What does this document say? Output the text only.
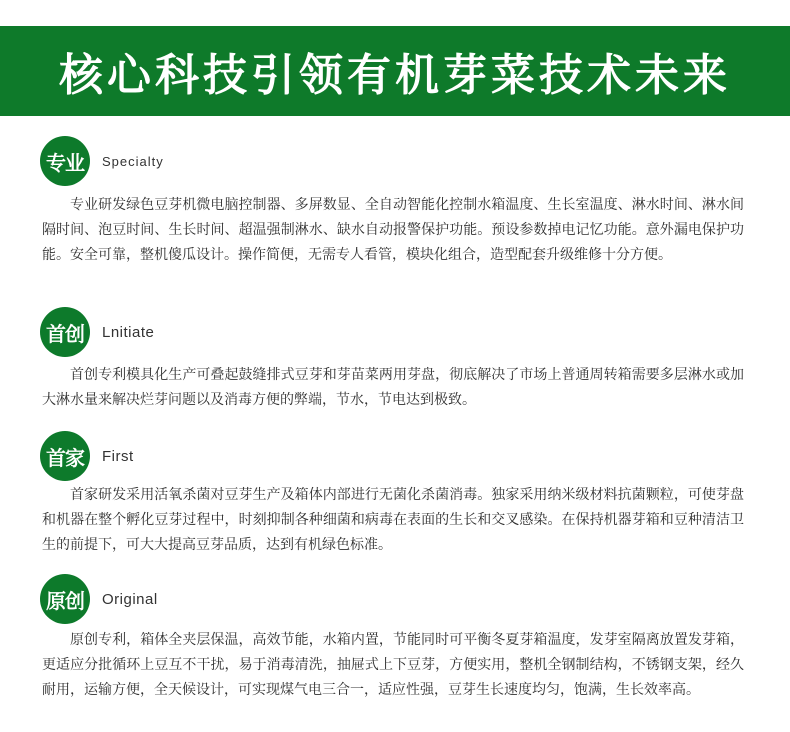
核心科技引领有机芽菜技术未来
专业	Specialty

专业研发绿色豆芽机微电脑控制器、多屏数显、全自动智能化控制水箱温度、生长室温度、淋水时间、淋水间隔时间、泡豆时间、生长时间、超温强制淋水、缺水自动报警保护功能。预设参数掉电记忆功能。意外漏电保护功能。安全可靠，整机傻瓜设计。操作简便，无需专人看管，模块化组合，造型配套升级维修十分方便。

首创	Lnitiate

首创专利模具化生产可叠起鼓缝排式豆芽和芽苗菜两用芽盘，彻底解决了市场上普通周转箱需要多层淋水或加大淋水量来解决烂芽问题以及消毒方便的弊端，节水，节电达到极致。

首家	First

首家研发采用活氧杀菌对豆芽生产及箱体内部进行无菌化杀菌消毒。独家采用纳米级材料抗菌颗粒，可使芽盘和机器在整个孵化豆芽过程中，时刻抑制各种细菌和病毒在表面的生长和交叉感染。在保持机器芽箱和豆种清洁卫生的前提下，可大大提高豆芽品质，达到有机绿色标准。

原创	Original

原创专利，箱体全夹层保温，高效节能，水箱内置，节能同时可平衡冬夏芽箱温度，发芽室隔离放置发芽箱，更适应分批循环上豆互不干扰，易于消毒清洗，抽屉式上下豆芽，方便实用，整机全钢制结构，不锈钢支架，经久耐用，运输方便，全天候设计，可实现煤气电三合一，适应性强，豆芽生长速度均匀，饱满，生长效率高。
